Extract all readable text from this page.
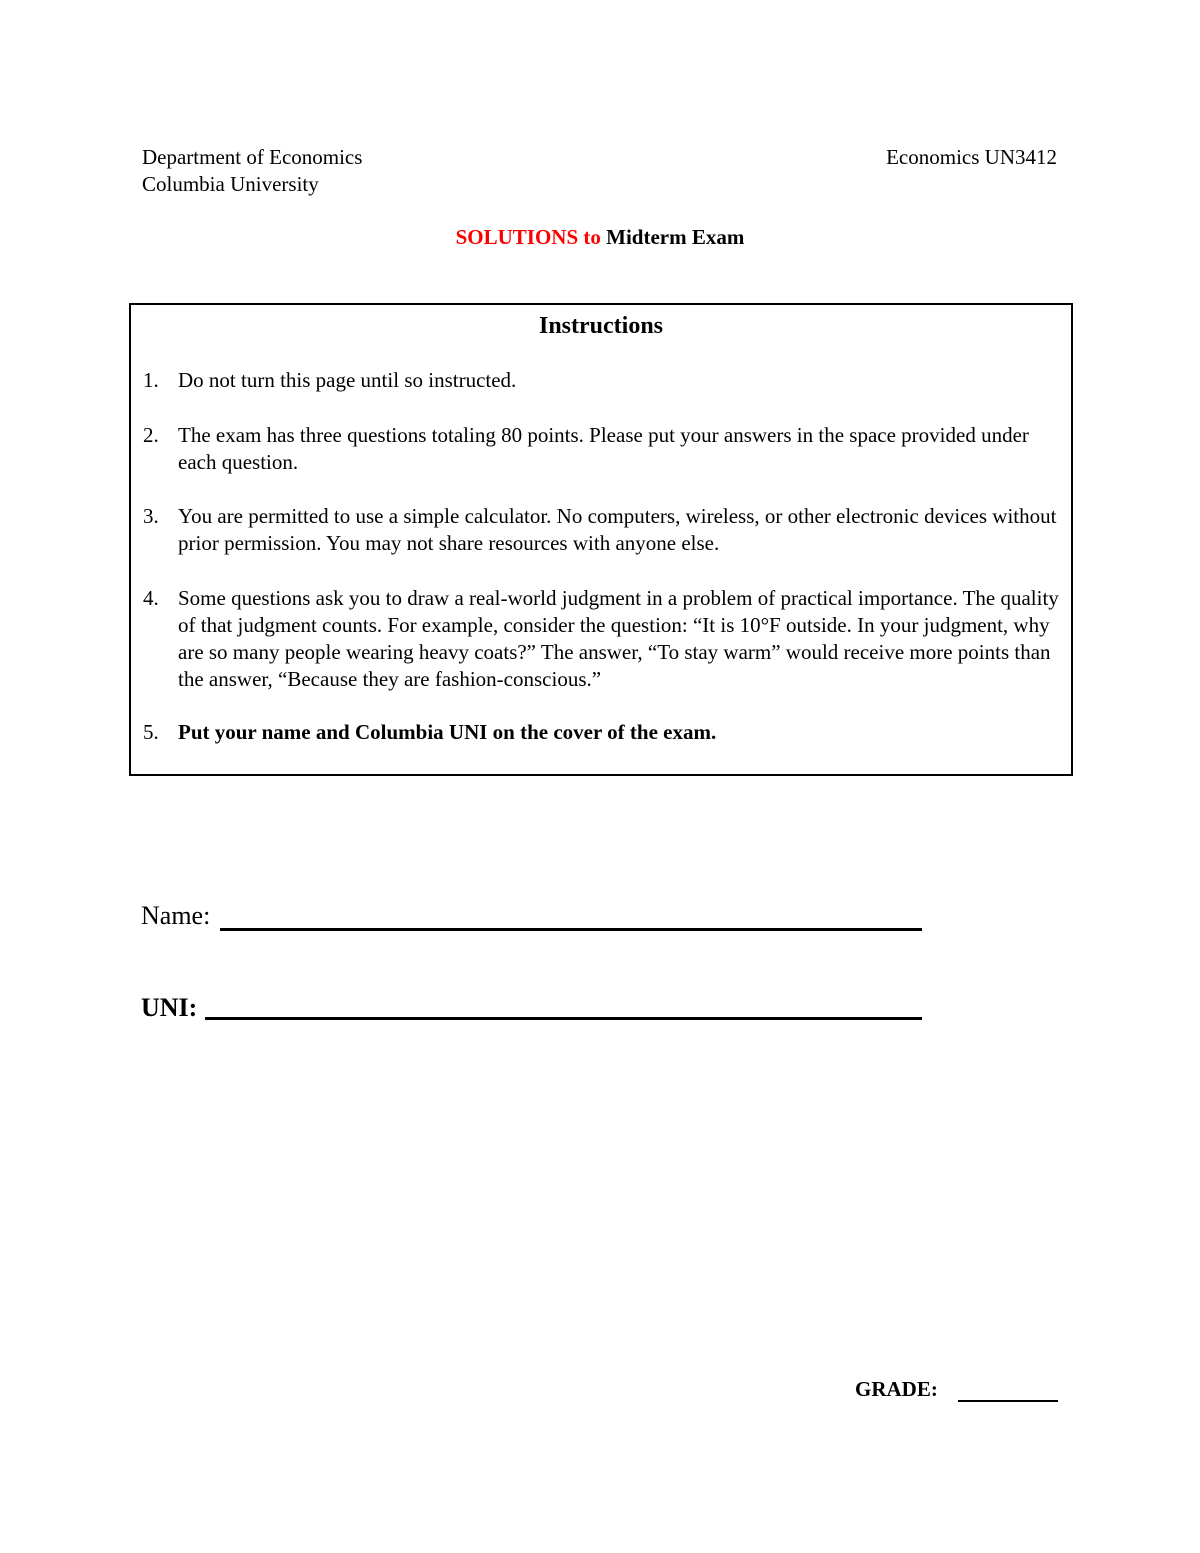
Department of Economics
Columbia University
Economics UN3412
SOLUTIONS to Midterm Exam
Instructions
1. Do not turn this page until so instructed.
2. The exam has three questions totaling 80 points. Please put your answers in the space provided under each question.
3. You are permitted to use a simple calculator. No computers, wireless, or other electronic devices without prior permission. You may not share resources with anyone else.
4. Some questions ask you to draw a real-world judgment in a problem of practical importance. The quality of that judgment counts. For example, consider the question: “It is 10°F outside. In your judgment, why are so many people wearing heavy coats?” The answer, “To stay warm” would receive more points than the answer, “Because they are fashion-conscious.”
5. Put your name and Columbia UNI on the cover of the exam.
Name:
UNI:
GRADE:
